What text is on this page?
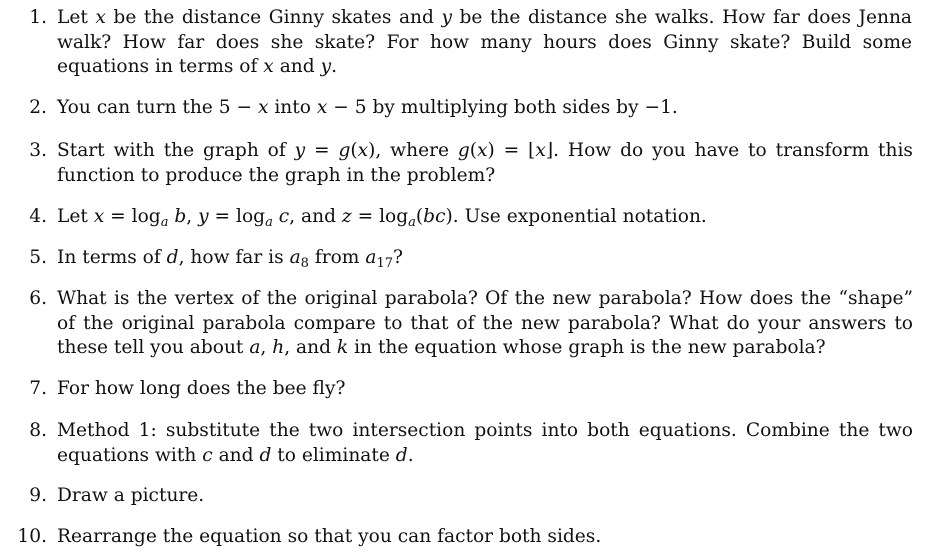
1. Let x be the distance Ginny skates and y be the distance she walks. How far does Jenna walk? How far does she skate? For how many hours does Ginny skate? Build some equations in terms of x and y.
2. You can turn the 5 − x into x − 5 by multiplying both sides by −1.
3. Start with the graph of y = g(x), where g(x) = ⌊x⌋. How do you have to transform this function to produce the graph in the problem?
4. Let $x = \log_a b$, $y = \log_a c$, and $z = \log_a(bc)$. Use exponential notation.
5. In terms of d, how far is $a_8$ from $a_{17}$?
6. What is the vertex of the original parabola? Of the new parabola? How does the “shape” of the original parabola compare to that of the new parabola? What do your answers to these tell you about a, h, and k in the equation whose graph is the new parabola?
7. For how long does the bee fly?
8. Method 1: substitute the two intersection points into both equations. Combine the two equations with c and d to eliminate d.
9. Draw a picture.
10. Rearrange the equation so that you can factor both sides.
